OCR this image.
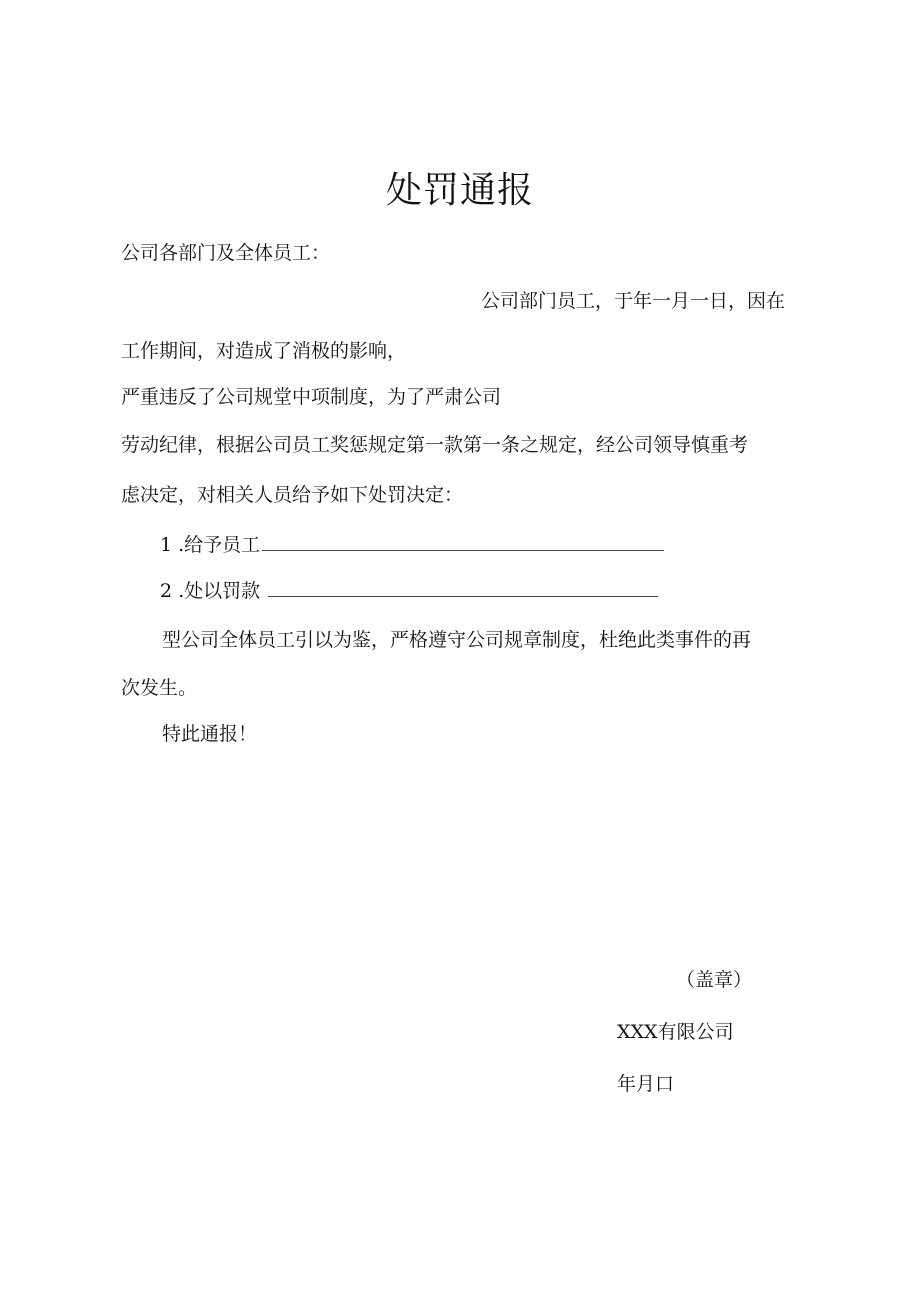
处罚通报
公司各部门及全体员工：
公司部门员工，于年一月一日，因在
工作期间，对造成了消极的影响，
严重违反了公司规堂中项制度，为了严肃公司
劳动纪律，根据公司员工奖惩规定第一款第一条之规定，经公司领导慎重考
虑决定，对相关人员给予如下处罚决定：
1 .给予员工
2 .处以罚款
型公司全体员工引以为鉴，严格遵守公司规章制度，杜绝此类事件的再
次发生。
特此通报！
（盖章）
XXX有限公司
年月口
